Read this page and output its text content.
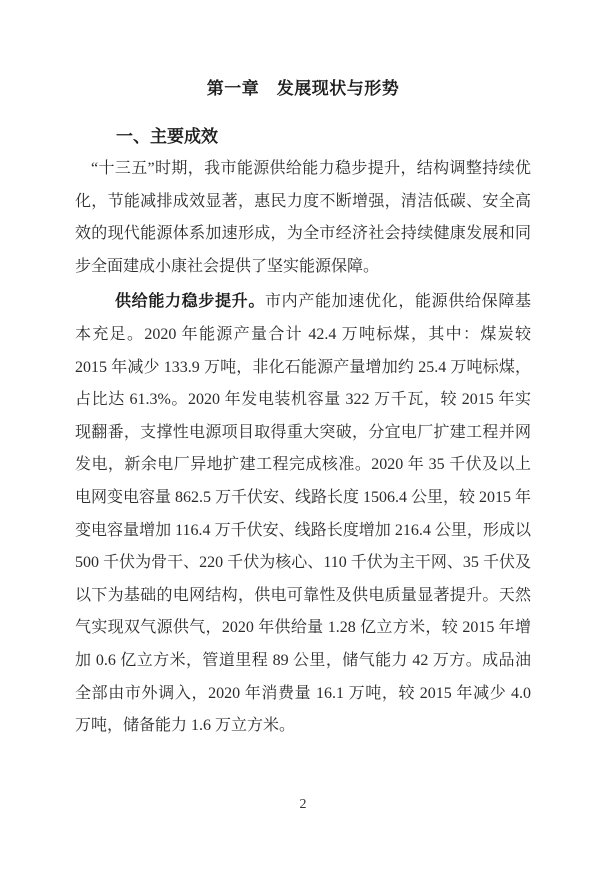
第一章　发展现状与形势
一、主要成效

“十三五”时期，我市能源供给能力稳步提升，结构调整持续优化，节能减排成效显著，惠民力度不断增强，清洁低碳、安全高效的现代能源体系加速形成，为全市经济社会持续健康发展和同步全面建成小康社会提供了坚实能源保障。

供给能力稳步提升。市内产能加速优化，能源供给保障基本充足。2020 年能源产量合计 42.4 万吨标煤，其中：煤炭较 2015 年减少 133.9 万吨，非化石能源产量增加约 25.4 万吨标煤，占比达 61.3%。2020 年发电装机容量 322 万千瓦，较 2015 年实现翻番，支撑性电源项目取得重大突破，分宜电厂扩建工程并网发电，新余电厂异地扩建工程完成核准。2020 年 35 千伏及以上电网变电容量 862.5 万千伏安、线路长度 1506.4 公里，较 2015 年变电容量增加 116.4 万千伏安、线路长度增加 216.4 公里，形成以 500 千伏为骨干、220 千伏为核心、110 千伏为主干网、35 千伏及以下为基础的电网结构，供电可靠性及供电质量显著提升。天然气实现双气源供气，2020 年供给量 1.28 亿立方米，较 2015 年增加 0.6 亿立方米，管道里程 89 公里，储气能力 42 万方。成品油全部由市外调入，2020 年消费量 16.1 万吨，较 2015 年减少 4.0 万吨，储备能力 1.6 万立方米。

2
